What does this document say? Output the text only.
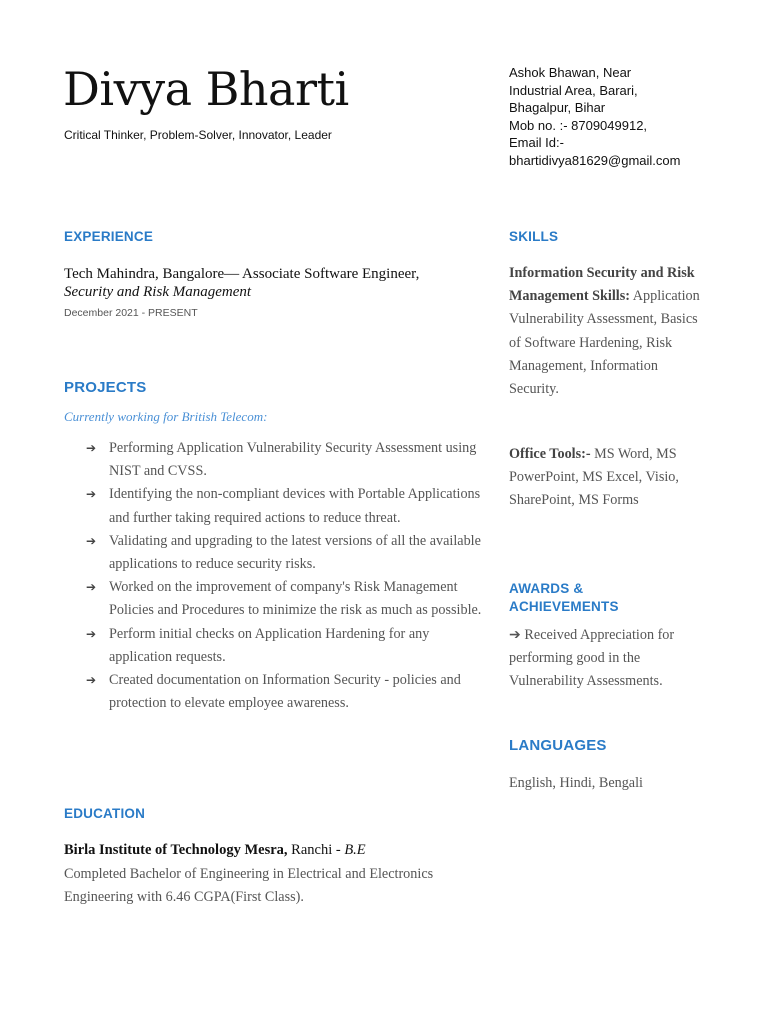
Divya Bharti
Critical Thinker, Problem-Solver, Innovator, Leader
Ashok Bhawan, Near
Industrial Area, Barari,
Bhagalpur, Bihar
Mob no. :- 8709049912,
Email Id:-
bhartidivya81629@gmail.com
EXPERIENCE
Tech Mahindra, Bangalore— Associate Software Engineer,
Security and Risk Management
December 2021 - PRESENT
PROJECTS
Currently working for British Telecom:
➔ Performing Application Vulnerability Security Assessment using NIST and CVSS.
➔ Identifying the non-compliant devices with Portable Applications and further taking required actions to reduce threat.
➔ Validating and upgrading to the latest versions of all the available applications to reduce security risks.
➔ Worked on the improvement of company's Risk Management Policies and Procedures to minimize the risk as much as possible.
➔ Perform initial checks on Application Hardening for any application requests.
➔ Created documentation on Information Security - policies and protection to elevate employee awareness.
EDUCATION
Birla Institute of Technology Mesra, Ranchi - B.E
Completed Bachelor of Engineering in Electrical and Electronics Engineering with 6.46 CGPA(First Class).
SKILLS
Information Security and Risk Management Skills: Application Vulnerability Assessment, Basics of Software Hardening, Risk Management, Information Security.
Office Tools:- MS Word, MS PowerPoint, MS Excel, Visio, SharePoint, MS Forms
AWARDS &
ACHIEVEMENTS
➔ Received Appreciation for performing good in the Vulnerability Assessments.
LANGUAGES
English, Hindi, Bengali
